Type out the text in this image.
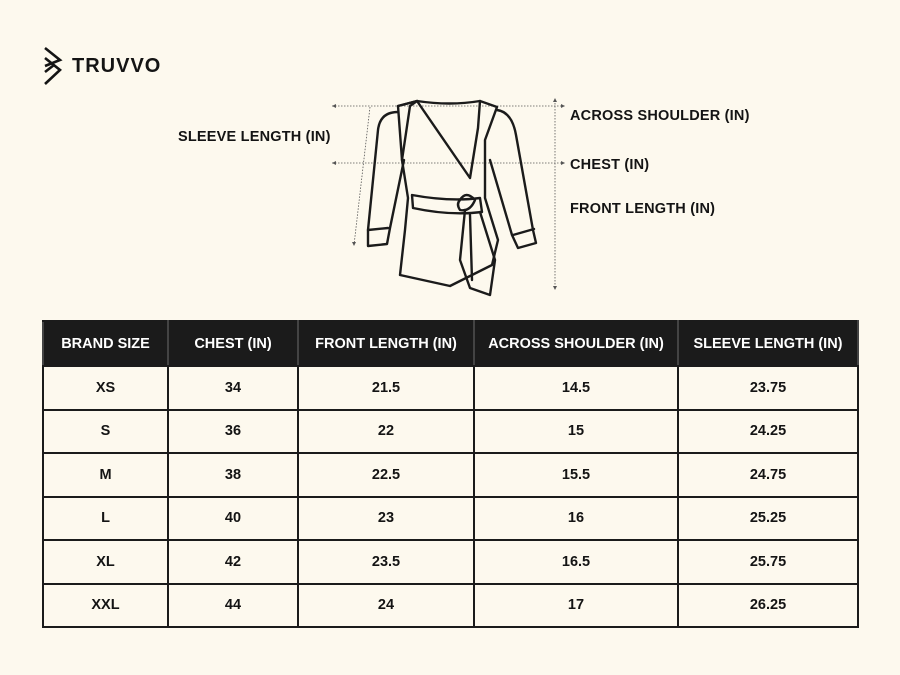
TRUVVO
SLEEVE LENGTH (IN)
ACROSS SHOULDER (IN)
CHEST (IN)
FRONT LENGTH (IN)
BRAND SIZE	CHEST (IN)	FRONT LENGTH (IN)	ACROSS SHOULDER (IN)	SLEEVE LENGTH (IN)
XS	34	21.5	14.5	23.75
S	36	22	15	24.25
M	38	22.5	15.5	24.75
L	40	23	16	25.25
XL	42	23.5	16.5	25.75
XXL	44	24	17	26.25
